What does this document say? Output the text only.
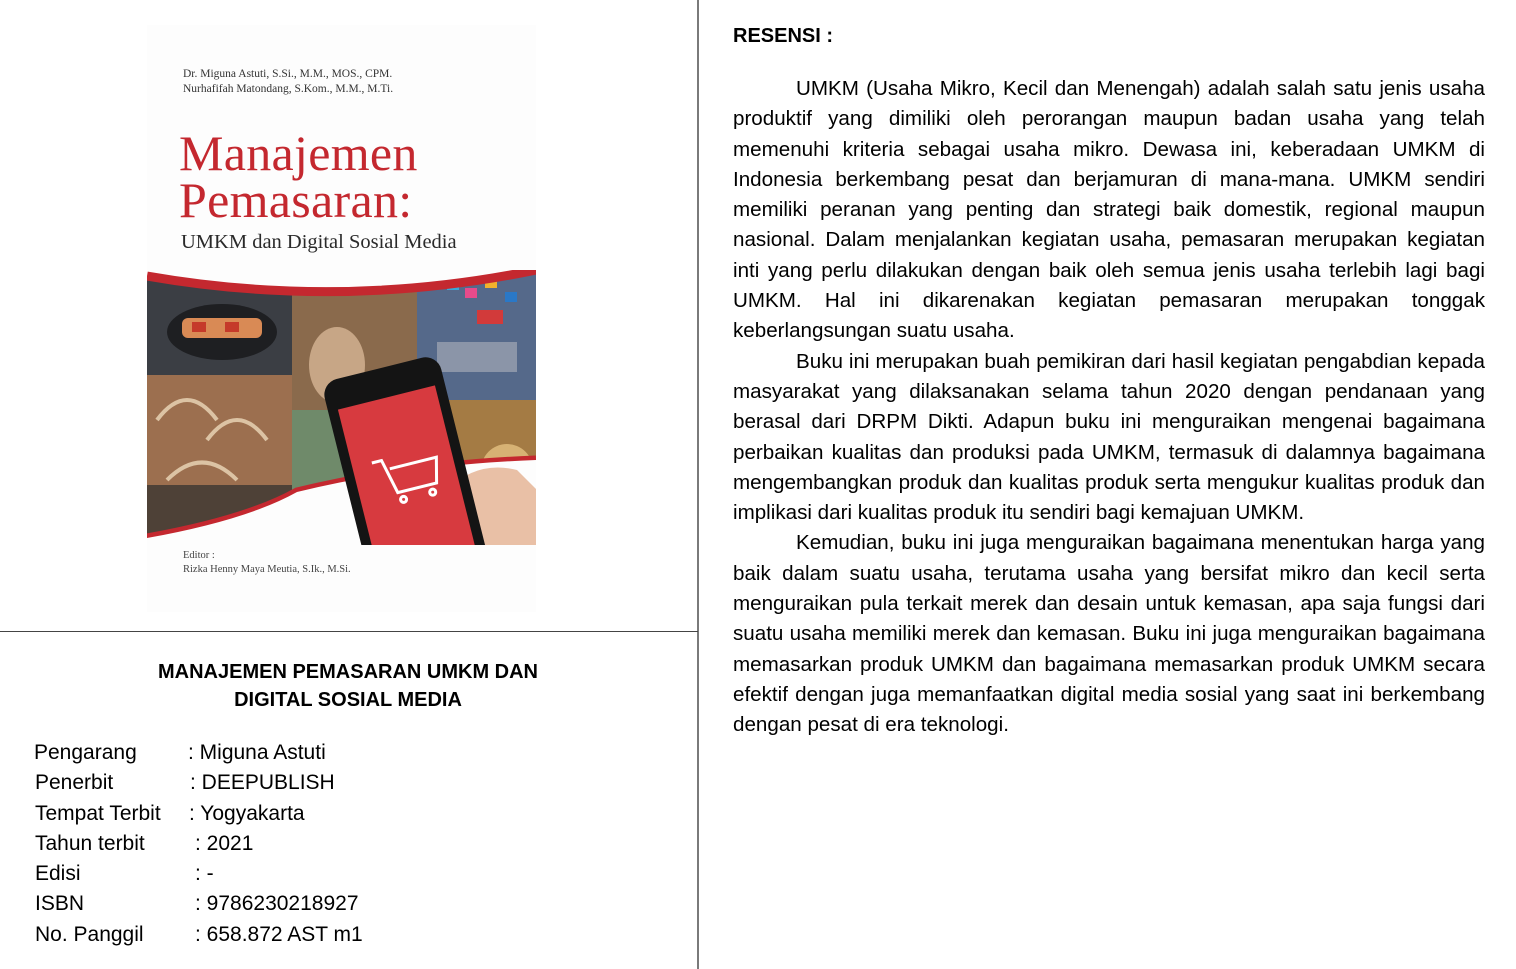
Dr. Miguna Astuti, S.Si., M.M., MOS., CPM.
Nurhafifah Matondang, S.Kom., M.M., M.Ti.
Manajemen
Pemasaran:
UMKM dan Digital Sosial Media
Editor :
Rizka Henny Maya Meutia, S.Ik., M.Si.
MANAJEMEN PEMASARAN UMKM DAN
DIGITAL SOSIAL MEDIA
Pengarang : Miguna Astuti
Penerbit	: DEEPUBLISH
Tempat Terbit : Yogyakarta
Tahun terbit : 2021
Edisi	: -
ISBN	: 9786230218927
No. Panggil : 658.872 AST m1
RESENSI :

UMKM (Usaha Mikro, Kecil dan Menengah) adalah salah satu jenis usaha produktif yang dimiliki oleh perorangan maupun badan usaha yang telah memenuhi kriteria sebagai usaha mikro. Dewasa ini, keberadaan UMKM di Indonesia berkembang pesat dan berjamuran di mana-mana. UMKM sendiri memiliki peranan yang penting dan strategi baik domestik, regional maupun nasional. Dalam menjalankan kegiatan usaha, pemasaran merupakan kegiatan inti yang perlu dilakukan dengan baik oleh semua jenis usaha terlebih lagi bagi UMKM. Hal ini dikarenakan kegiatan pemasaran merupakan tonggak keberlangsungan suatu usaha.

Buku ini merupakan buah pemikiran dari hasil kegiatan pengabdian kepada masyarakat yang dilaksanakan selama tahun 2020 dengan pendanaan yang berasal dari DRPM Dikti. Adapun buku ini menguraikan mengenai bagaimana perbaikan kualitas dan produksi pada UMKM, termasuk di dalamnya bagaimana mengembangkan produk dan kualitas produk serta mengukur kualitas produk dan implikasi dari kualitas produk itu sendiri bagi kemajuan UMKM.

Kemudian, buku ini juga menguraikan bagaimana menentukan harga yang baik dalam suatu usaha, terutama usaha yang bersifat mikro dan kecil serta menguraikan pula terkait merek dan desain untuk kemasan, apa saja fungsi dari suatu usaha memiliki merek dan kemasan. Buku ini juga menguraikan bagaimana memasarkan produk UMKM dan bagaimana memasarkan produk UMKM secara efektif dengan juga memanfaatkan digital media sosial yang saat ini berkembang dengan pesat di era teknologi.
